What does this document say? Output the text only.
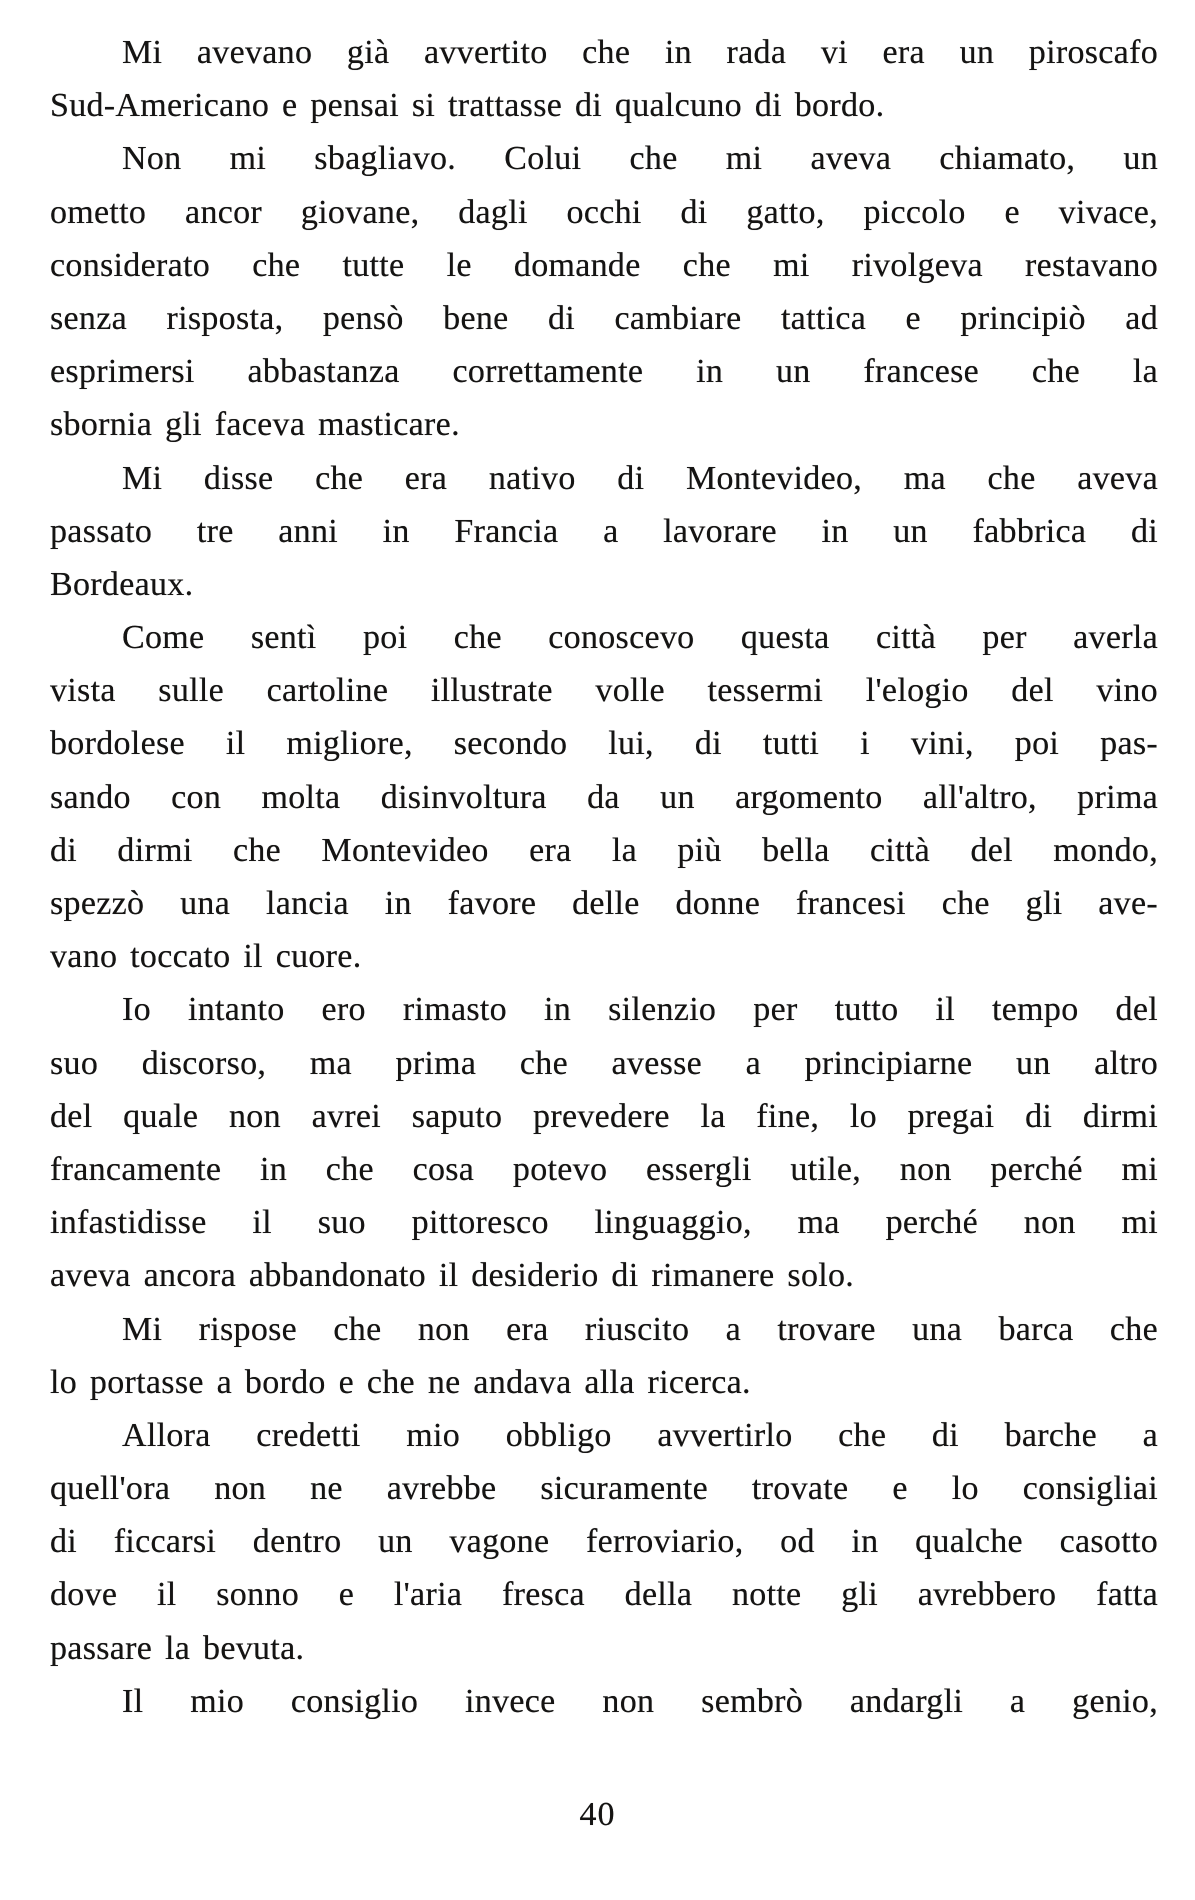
Mi avevano già avvertito che in rada vi era un piroscafo
Sud-Americano e pensai si trattasse di qualcuno di bordo.
Non mi sbagliavo. Colui che mi aveva chiamato, un
ometto ancor giovane, dagli occhi di gatto, piccolo e vivace,
considerato che tutte le domande che mi rivolgeva restavano
senza risposta, pensò bene di cambiare tattica e principiò ad
esprimersi abbastanza correttamente in un francese che la
sbornia gli faceva masticare.
Mi disse che era nativo di Montevideo, ma che aveva
passato tre anni in Francia a lavorare in un fabbrica di
Bordeaux.
Come sentì poi che conoscevo questa città per averla
vista sulle cartoline illustrate volle tessermi l'elogio del vino
bordolese il migliore, secondo lui, di tutti i vini, poi pas-
sando con molta disinvoltura da un argomento all'altro, prima
di dirmi che Montevideo era la più bella città del mondo,
spezzò una lancia in favore delle donne francesi che gli ave-
vano toccato il cuore.
Io intanto ero rimasto in silenzio per tutto il tempo del
suo discorso, ma prima che avesse a principiarne un altro
del quale non avrei saputo prevedere la fine, lo pregai di dirmi
francamente in che cosa potevo essergli utile, non perché mi
infastidisse il suo pittoresco linguaggio, ma perché non mi
aveva ancora abbandonato il desiderio di rimanere solo.
Mi rispose che non era riuscito a trovare una barca che
lo portasse a bordo e che ne andava alla ricerca.
Allora credetti mio obbligo avvertirlo che di barche a
quell'ora non ne avrebbe sicuramente trovate e lo consigliai
di ficcarsi dentro un vagone ferroviario, od in qualche casotto
dove il sonno e l'aria fresca della notte gli avrebbero fatta
passare la bevuta.
Il mio consiglio invece non sembrò andargli a genio,
40
